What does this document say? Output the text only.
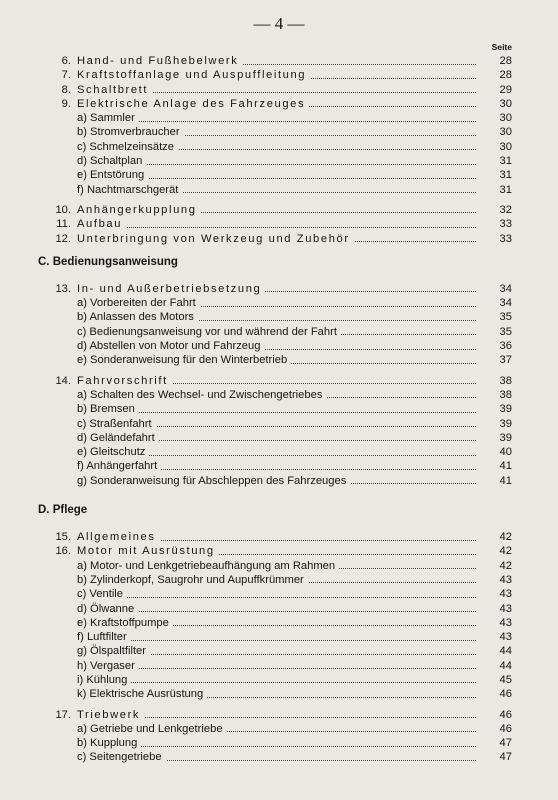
— 4 —
Seite
6. Hand- und Fußhebelwerk	28
7. Kraftstoffanlage und Auspuffleitung	28
8. Schaltbrett	29
9. Elektrische Anlage des Fahrzeuges	30
a) Sammler	30
b) Stromverbraucher	30
c) Schmelzeinsätze	30
d) Schaltplan	31
e) Entstörung	31
f) Nachtmarschgerät	31
10. Anhängerkupplung	32
11. Aufbau	33
12. Unterbringung von Werkzeug und Zubehör	33
C. Bedienungsanweisung
13. In- und Außerbetriebsetzung	34
a) Vorbereiten der Fahrt	34
b) Anlassen des Motors	35
c) Bedienungsanweisung vor und während der Fahrt	35
d) Abstellen von Motor und Fahrzeug	36
e) Sonderanweisung für den Winterbetrieb	37
14. Fahrvorschrift	38
a) Schalten des Wechsel- und Zwischengetriebes	38
b) Bremsen	39
c) Straßenfahrt	39
d) Geländefahrt	39
e) Gleitschutz	40
f) Anhängerfahrt	41
g) Sonderanweisung für Abschleppen des Fahrzeuges	41
D. Pflege
15. Allgemeines	42
16. Motor mit Ausrüstung	42
a) Motor- und Lenkgetriebeaufhängung am Rahmen	42
b) Zylinderkopf, Saugrohr und Aupuffkrümmer	43
c) Ventile	43
d) Ölwanne	43
e) Kraftstoffpumpe	43
f) Luftfilter	43
g) Ölspaltfilter	44
h) Vergaser	44
i) Kühlung	45
k) Elektrische Ausrüstung	46
17. Triebwerk	46
a) Getriebe und Lenkgetriebe	46
b) Kupplung	47
c) Seitengetriebe	47
